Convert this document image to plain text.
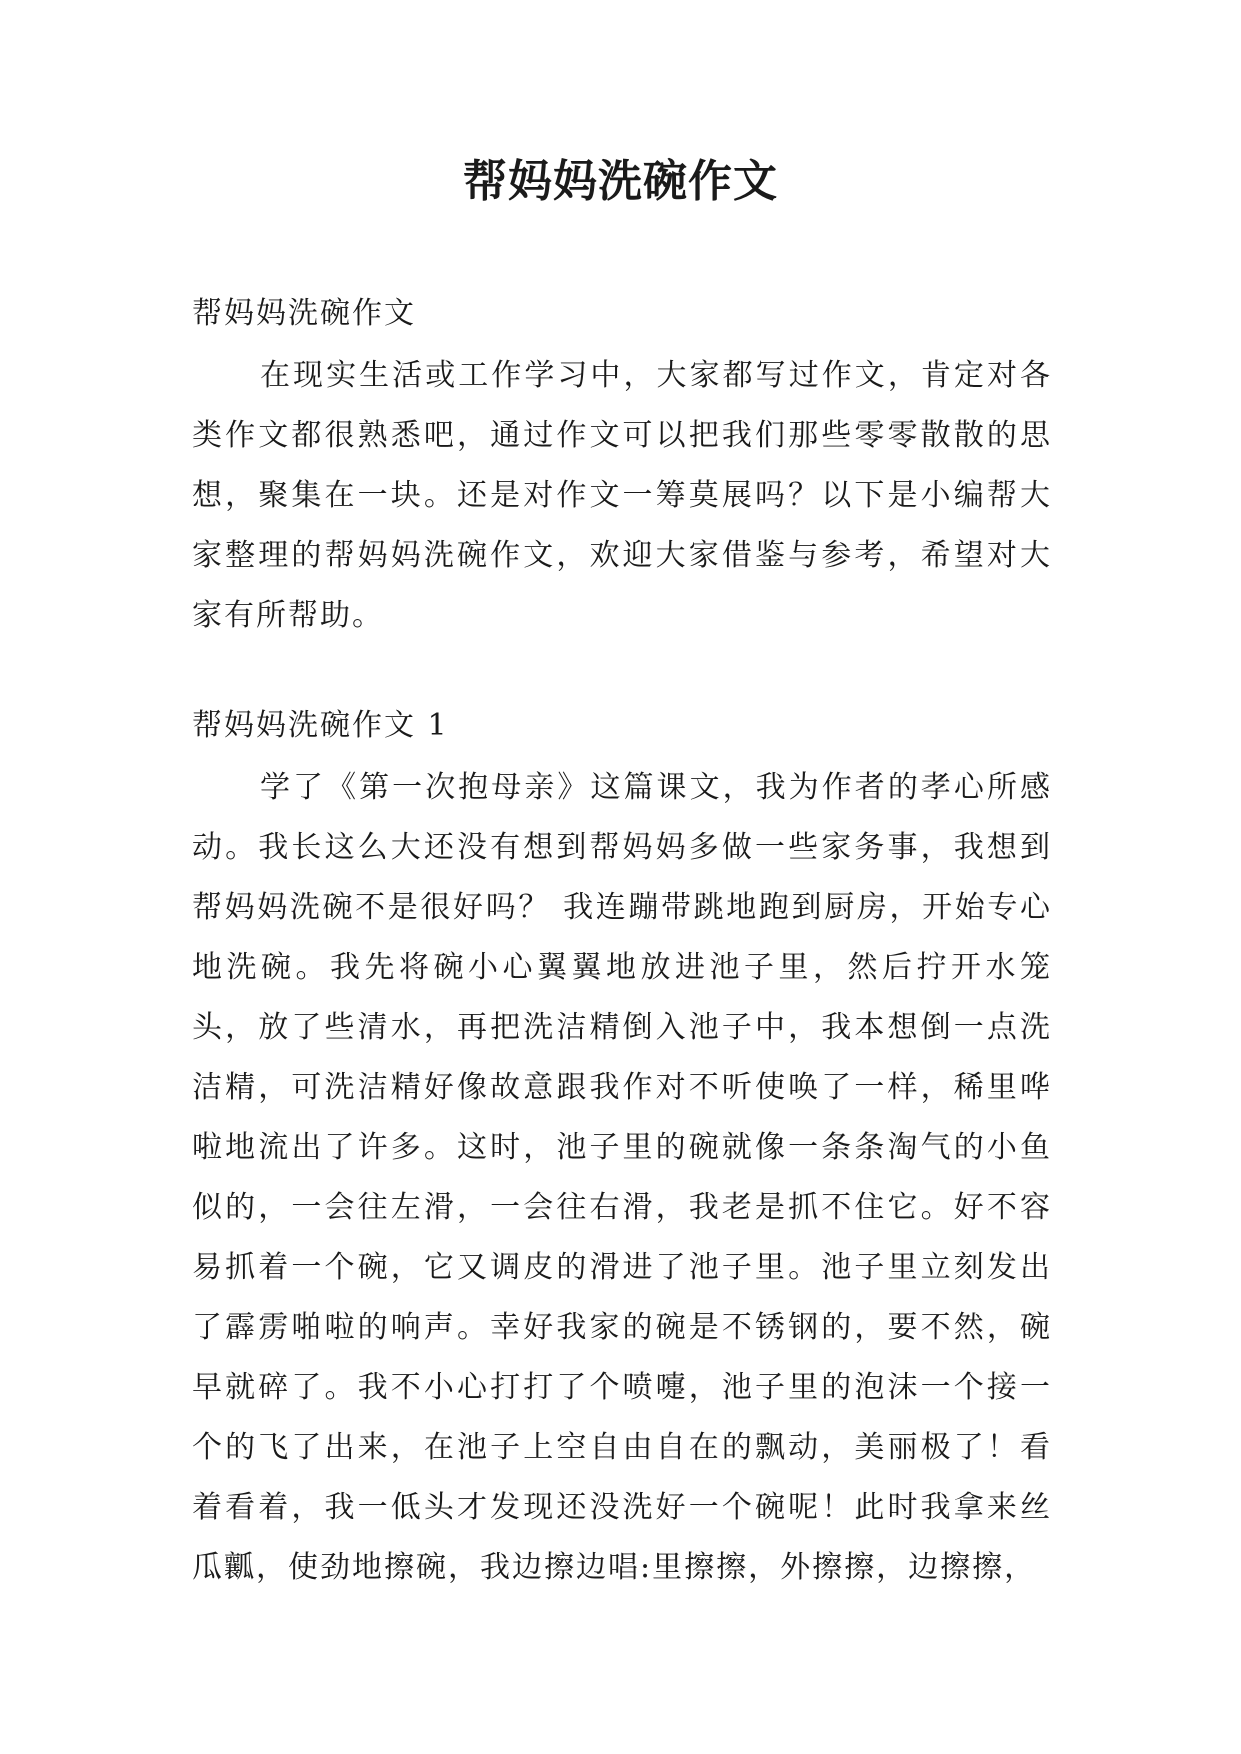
帮妈妈洗碗作文

帮妈妈洗碗作文

在现实生活或工作学习中，大家都写过作文，肯定对各类作文都很熟悉吧，通过作文可以把我们那些零零散散的思想，聚集在一块。还是对作文一筹莫展吗？以下是小编帮大家整理的帮妈妈洗碗作文，欢迎大家借鉴与参考，希望对大家有所帮助。

帮妈妈洗碗作文 1

学了《第一次抱母亲》这篇课文，我为作者的孝心所感动。我长这么大还没有想到帮妈妈多做一些家务事，我想到帮妈妈洗碗不是很好吗？ 我连蹦带跳地跑到厨房，开始专心地洗碗。我先将碗小心翼翼地放进池子里，然后拧开水笼头，放了些清水，再把洗洁精倒入池子中，我本想倒一点洗洁精，可洗洁精好像故意跟我作对不听使唤了一样，稀里哗啦地流出了许多。这时，池子里的碗就像一条条淘气的小鱼似的，一会往左滑，一会往右滑，我老是抓不住它。好不容易抓着一个碗，它又调皮的滑进了池子里。池子里立刻发出了霹雳啪啦的响声。幸好我家的碗是不锈钢的，要不然，碗早就碎了。我不小心打打了个喷嚏，池子里的泡沫一个接一个的飞了出来，在池子上空自由自在的飘动，美丽极了！看着看着，我一低头才发现还没洗好一个碗呢！此时我拿来丝瓜瓤，使劲地擦碗，我边擦边唱:里擦擦，外擦擦，边擦擦，
